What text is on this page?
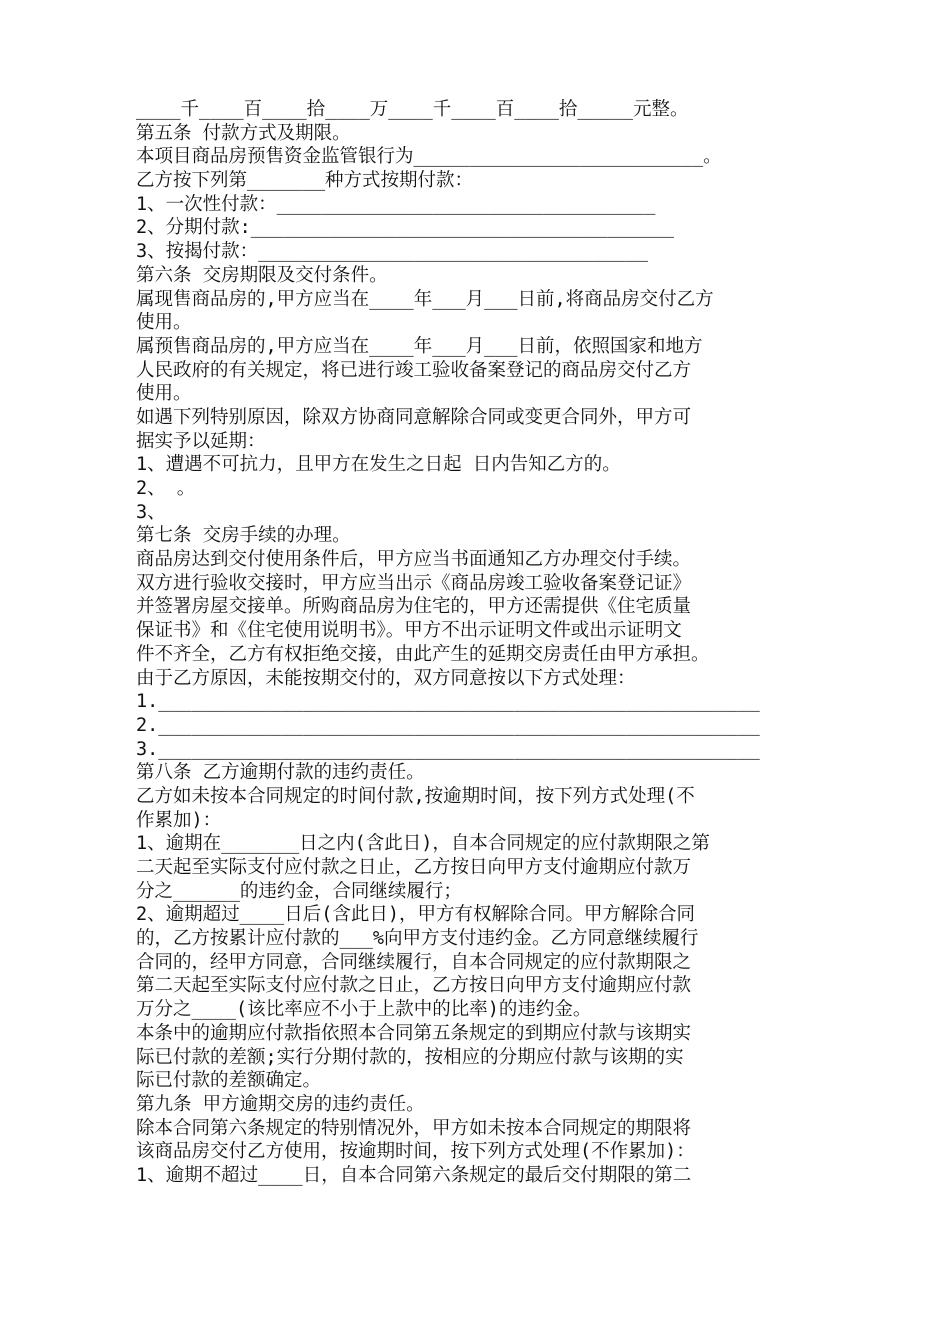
____千____百____拾____万____千____百____拾_____元整。
第五条 付款方式及期限。
本项目商品房预售资金监管银行为__________________________。
乙方按下列第_______种方式按期付款：
1、一次性付款：__________________________________
2、分期付款:______________________________________
3、按揭付款：___________________________________
第六条 交房期限及交付条件。
属现售商品房的,甲方应当在____年___月___日前,将商品房交付乙方
使用。
属预售商品房的,甲方应当在____年___月___日前，依照国家和地方
人民政府的有关规定，将已进行竣工验收备案登记的商品房交付乙方
使用。
如遇下列特别原因，除双方协商同意解除合同或变更合同外，甲方可
据实予以延期：
1、遭遇不可抗力，且甲方在发生之日起 日内告知乙方的。
2、 。
3、
第七条 交房手续的办理。
商品房达到交付使用条件后，甲方应当书面通知乙方办理交付手续。
双方进行验收交接时，甲方应当出示《商品房竣工验收备案登记证》
并签署房屋交接单。所购商品房为住宅的，甲方还需提供《住宅质量
保证书》和《住宅使用说明书》。甲方不出示证明文件或出示证明文
件不齐全，乙方有权拒绝交接，由此产生的延期交房责任由甲方承担。
由于乙方原因，未能按期交付的，双方同意按以下方式处理：
1.______________________________________________________
2.______________________________________________________
3.______________________________________________________
第八条 乙方逾期付款的违约责任。
乙方如未按本合同规定的时间付款,按逾期时间，按下列方式处理(不
作累加)：
1、逾期在_______日之内(含此日)，自本合同规定的应付款期限之第
二天起至实际支付应付款之日止，乙方按日向甲方支付逾期应付款万
分之______的违约金，合同继续履行；
2、逾期超过____日后(含此日)，甲方有权解除合同。甲方解除合同
的，乙方按累计应付款的___%向甲方支付违约金。乙方同意继续履行
合同的，经甲方同意，合同继续履行，自本合同规定的应付款期限之
第二天起至实际支付应付款之日止，乙方按日向甲方支付逾期应付款
万分之____(该比率应不小于上款中的比率)的违约金。
本条中的逾期应付款指依照本合同第五条规定的到期应付款与该期实
际已付款的差额;实行分期付款的，按相应的分期应付款与该期的实
际已付款的差额确定。
第九条 甲方逾期交房的违约责任。
除本合同第六条规定的特别情况外，甲方如未按本合同规定的期限将
该商品房交付乙方使用，按逾期时间，按下列方式处理(不作累加)：
1、逾期不超过____日，自本合同第六条规定的最后交付期限的第二
